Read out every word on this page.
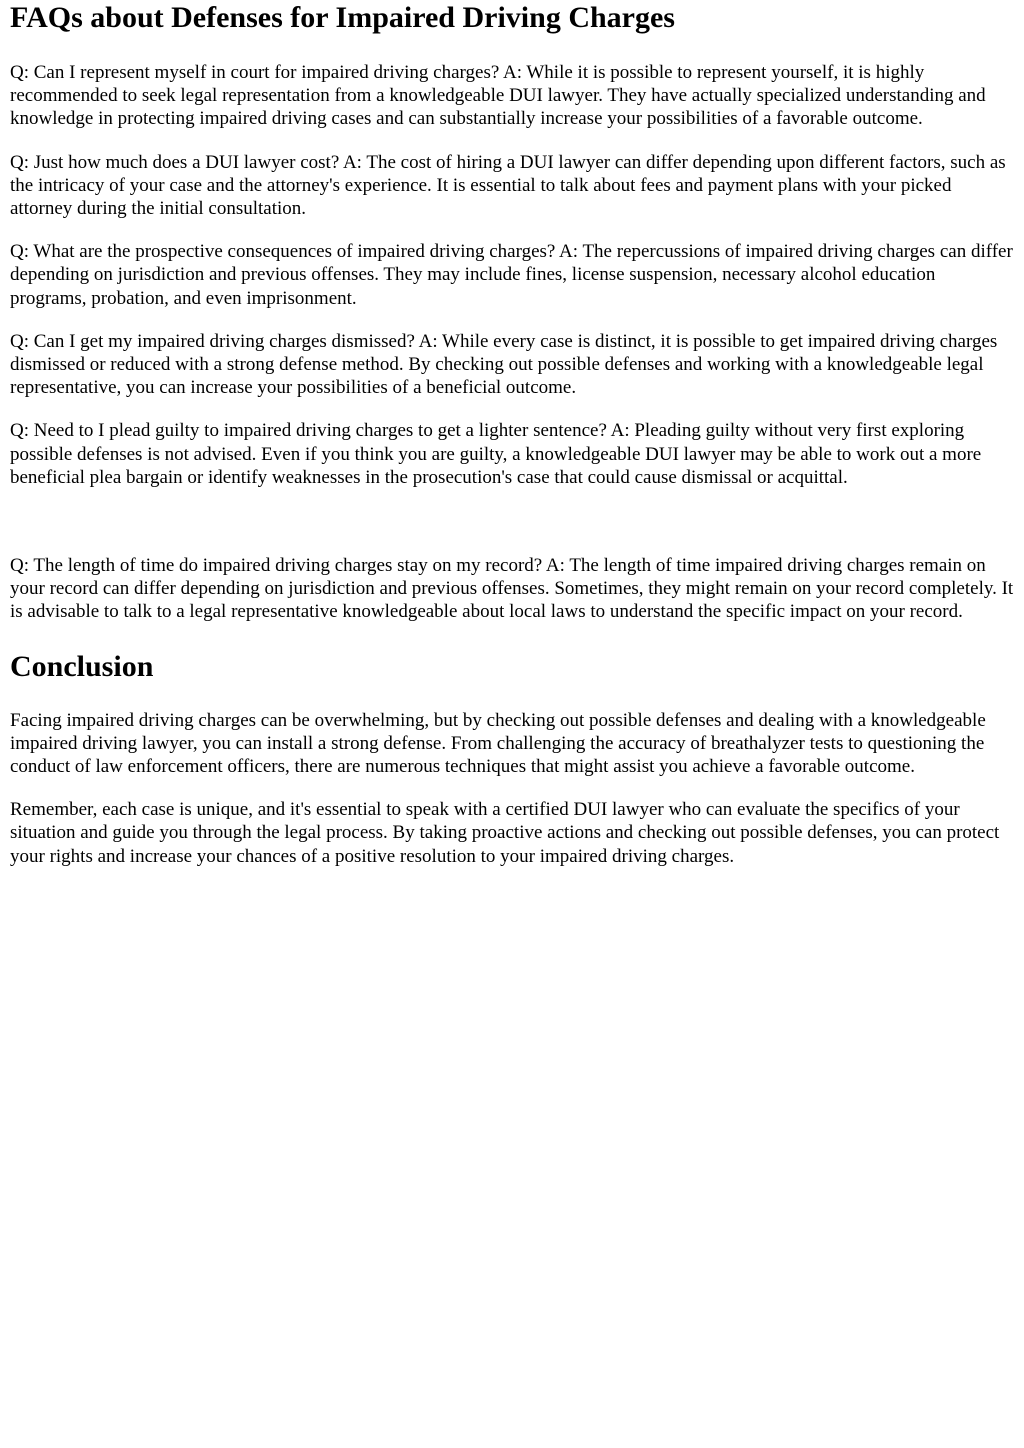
FAQs about Defenses for Impaired Driving Charges

Q: Can I represent myself in court for impaired driving charges? A: While it is possible to represent yourself, it is highly recommended to seek legal representation from a knowledgeable DUI lawyer. They have actually specialized understanding and knowledge in protecting impaired driving cases and can substantially increase your possibilities of a favorable outcome.

Q: Just how much does a DUI lawyer cost? A: The cost of hiring a DUI lawyer can differ depending upon different factors, such as the intricacy of your case and the attorney's experience. It is essential to talk about fees and payment plans with your picked attorney during the initial consultation.

Q: What are the prospective consequences of impaired driving charges? A: The repercussions of impaired driving charges can differ depending on jurisdiction and previous offenses. They may include fines, license suspension, necessary alcohol education programs, probation, and even imprisonment.

Q: Can I get my impaired driving charges dismissed? A: While every case is distinct, it is possible to get impaired driving charges dismissed or reduced with a strong defense method. By checking out possible defenses and working with a knowledgeable legal representative, you can increase your possibilities of a beneficial outcome.

Q: Need to I plead guilty to impaired driving charges to get a lighter sentence? A: Pleading guilty without very first exploring possible defenses is not advised. Even if you think you are guilty, a knowledgeable DUI lawyer may be able to work out a more beneficial plea bargain or identify weaknesses in the prosecution's case that could cause dismissal or acquittal.

Q: The length of time do impaired driving charges stay on my record? A: The length of time impaired driving charges remain on your record can differ depending on jurisdiction and previous offenses. Sometimes, they might remain on your record completely. It is advisable to talk to a legal representative knowledgeable about local laws to understand the specific impact on your record.

Conclusion

Facing impaired driving charges can be overwhelming, but by checking out possible defenses and dealing with a knowledgeable impaired driving lawyer, you can install a strong defense. From challenging the accuracy of breathalyzer tests to questioning the conduct of law enforcement officers, there are numerous techniques that might assist you achieve a favorable outcome.

Remember, each case is unique, and it's essential to speak with a certified DUI lawyer who can evaluate the specifics of your situation and guide you through the legal process. By taking proactive actions and checking out possible defenses, you can protect your rights and increase your chances of a positive resolution to your impaired driving charges.
